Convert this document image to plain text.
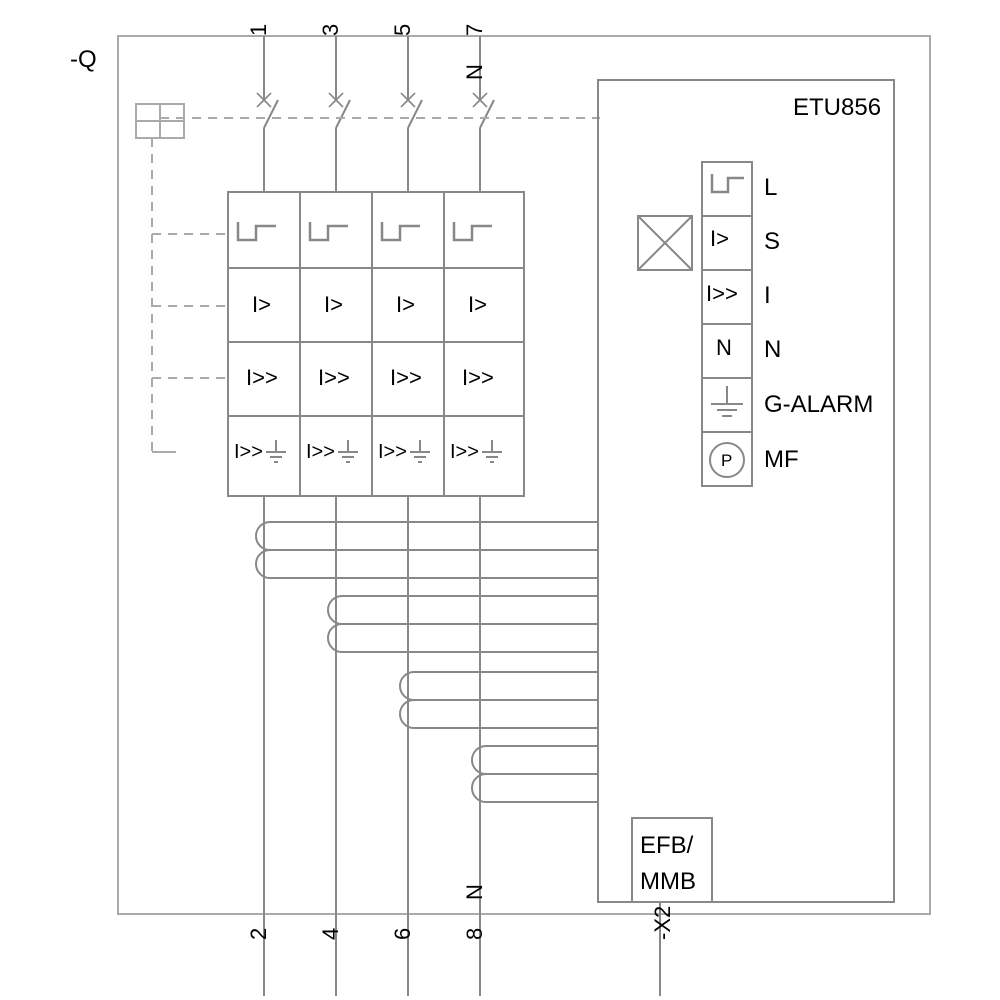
-Q
ETU856
1 3 5 7
N
2 4 6 8
N
-X2
I> I> I> I>
I>> I>> I>> I>>
I>> I>> I>> I>>
I>
I>>
N
P
L
S
I
N
G-ALARM
MF
EFB/
MMB
